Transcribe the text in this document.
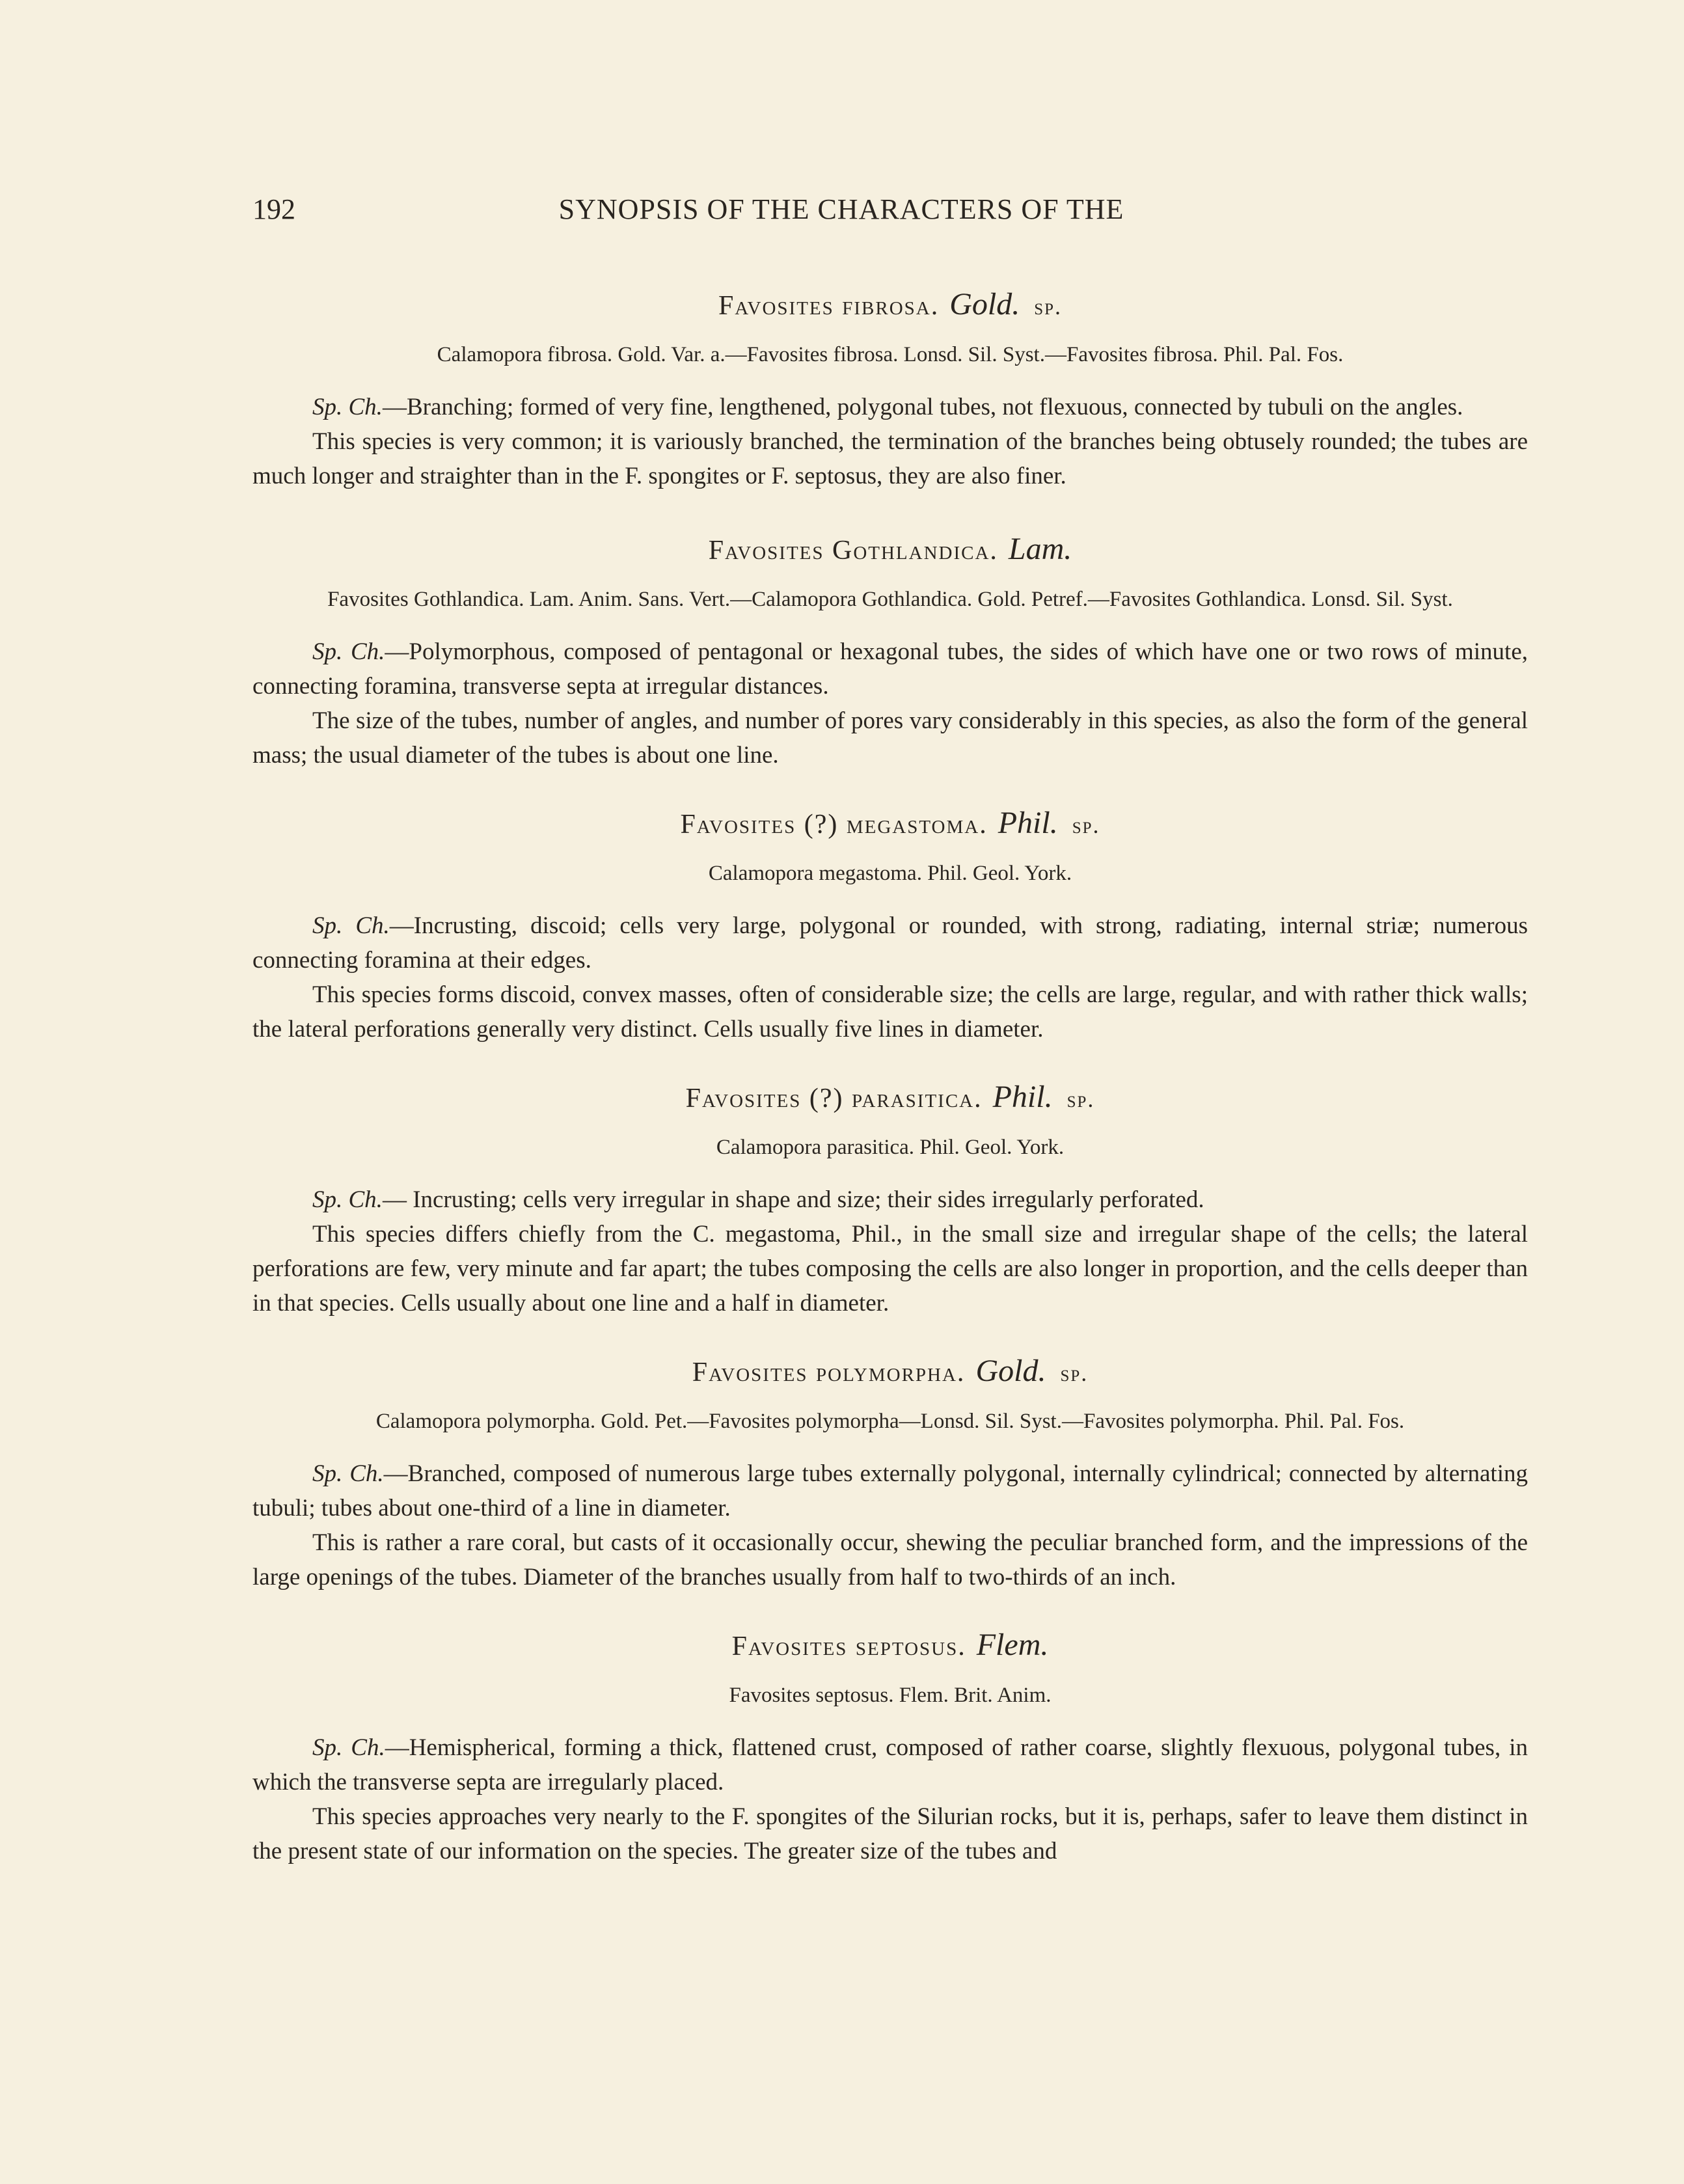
192	SYNOPSIS OF THE CHARACTERS OF THE
Favosites fibrosa. Gold. sp.
Calamopora fibrosa. Gold. Var. a.—Favosites fibrosa. Lonsd. Sil. Syst.—Favosites fibrosa. Phil. Pal. Fos.

Sp. Ch.—Branching; formed of very fine, lengthened, polygonal tubes, not flexuous, connected by tubuli on the angles.

This species is very common; it is variously branched, the termination of the branches being obtusely rounded; the tubes are much longer and straighter than in the F. spongites or F. septosus, they are also finer.

Favosites Gothlandica. Lam.
Favosites Gothlandica. Lam. Anim. Sans. Vert.—Calamopora Gothlandica. Gold. Petref.—Favosites Gothlandica. Lonsd. Sil. Syst.

Sp. Ch.—Polymorphous, composed of pentagonal or hexagonal tubes, the sides of which have one or two rows of minute, connecting foramina, transverse septa at irregular distances.

The size of the tubes, number of angles, and number of pores vary considerably in this species, as also the form of the general mass; the usual diameter of the tubes is about one line.

Favosites (?) megastoma. Phil. sp.
Calamopora megastoma. Phil. Geol. York.

Sp. Ch.—Incrusting, discoid; cells very large, polygonal or rounded, with strong, radiating, internal striæ; numerous connecting foramina at their edges.

This species forms discoid, convex masses, often of considerable size; the cells are large, regular, and with rather thick walls; the lateral perforations generally very distinct. Cells usually five lines in diameter.

Favosites (?) parasitica. Phil. sp.
Calamopora parasitica. Phil. Geol. York.

Sp. Ch.— Incrusting; cells very irregular in shape and size; their sides irregularly perforated.

This species differs chiefly from the C. megastoma, Phil., in the small size and irregular shape of the cells; the lateral perforations are few, very minute and far apart; the tubes composing the cells are also longer in proportion, and the cells deeper than in that species. Cells usually about one line and a half in diameter.

Favosites polymorpha. Gold. sp.
Calamopora polymorpha. Gold. Pet.—Favosites polymorpha—Lonsd. Sil. Syst.—Favosites polymorpha. Phil. Pal. Fos.

Sp. Ch.—Branched, composed of numerous large tubes externally polygonal, internally cylindrical; connected by alternating tubuli; tubes about one-third of a line in diameter.

This is rather a rare coral, but casts of it occasionally occur, shewing the peculiar branched form, and the impressions of the large openings of the tubes. Diameter of the branches usually from half to two-thirds of an inch.

Favosites septosus. Flem.
Favosites septosus. Flem. Brit. Anim.

Sp. Ch.—Hemispherical, forming a thick, flattened crust, composed of rather coarse, slightly flexuous, polygonal tubes, in which the transverse septa are irregularly placed.

This species approaches very nearly to the F. spongites of the Silurian rocks, but it is, perhaps, safer to leave them distinct in the present state of our information on the species. The greater size of the tubes and
